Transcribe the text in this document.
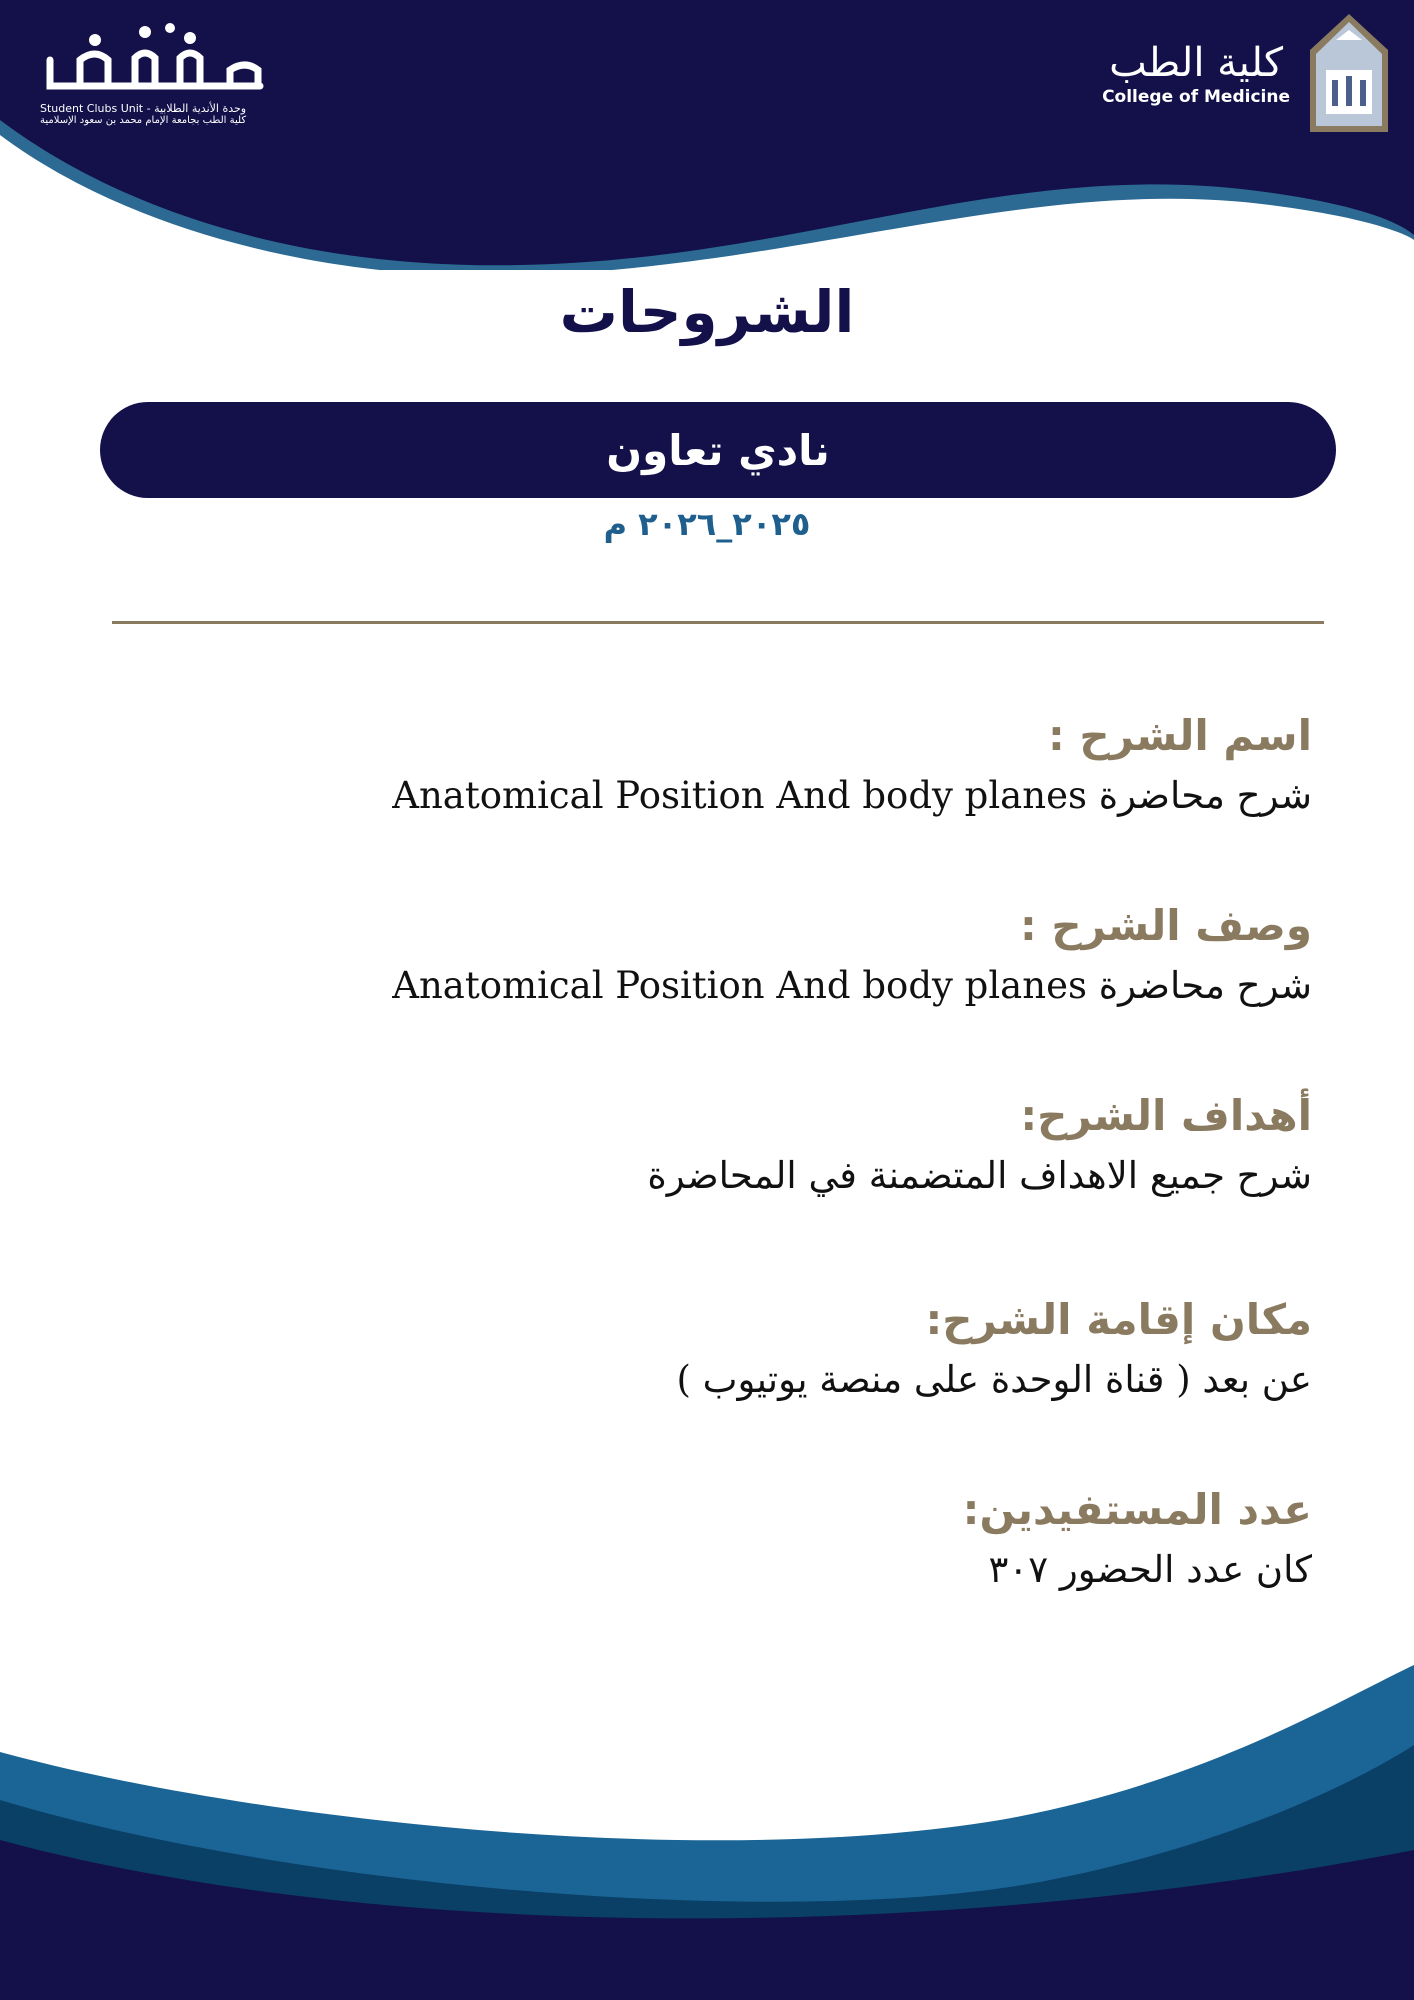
Student Clubs Unit - وحدة الأندية الطلابية
كلية الطب بجامعة الإمام محمد بن سعود الإسلامية
كلية الطب
College of Medicine
الشروحات
نادي تعاون
٢٠٢٥_٢٠٢٦ م
اسم الشرح :
شرح محاضرة Anatomical Position And body planes
وصف الشرح :
شرح محاضرة Anatomical Position And body planes
أهداف الشرح:
شرح جميع الاهداف المتضمنة في المحاضرة
مكان إقامة الشرح:
عن بعد ( قناة الوحدة على منصة يوتيوب )
عدد المستفيدين:
كان عدد الحضور ٣٠٧
